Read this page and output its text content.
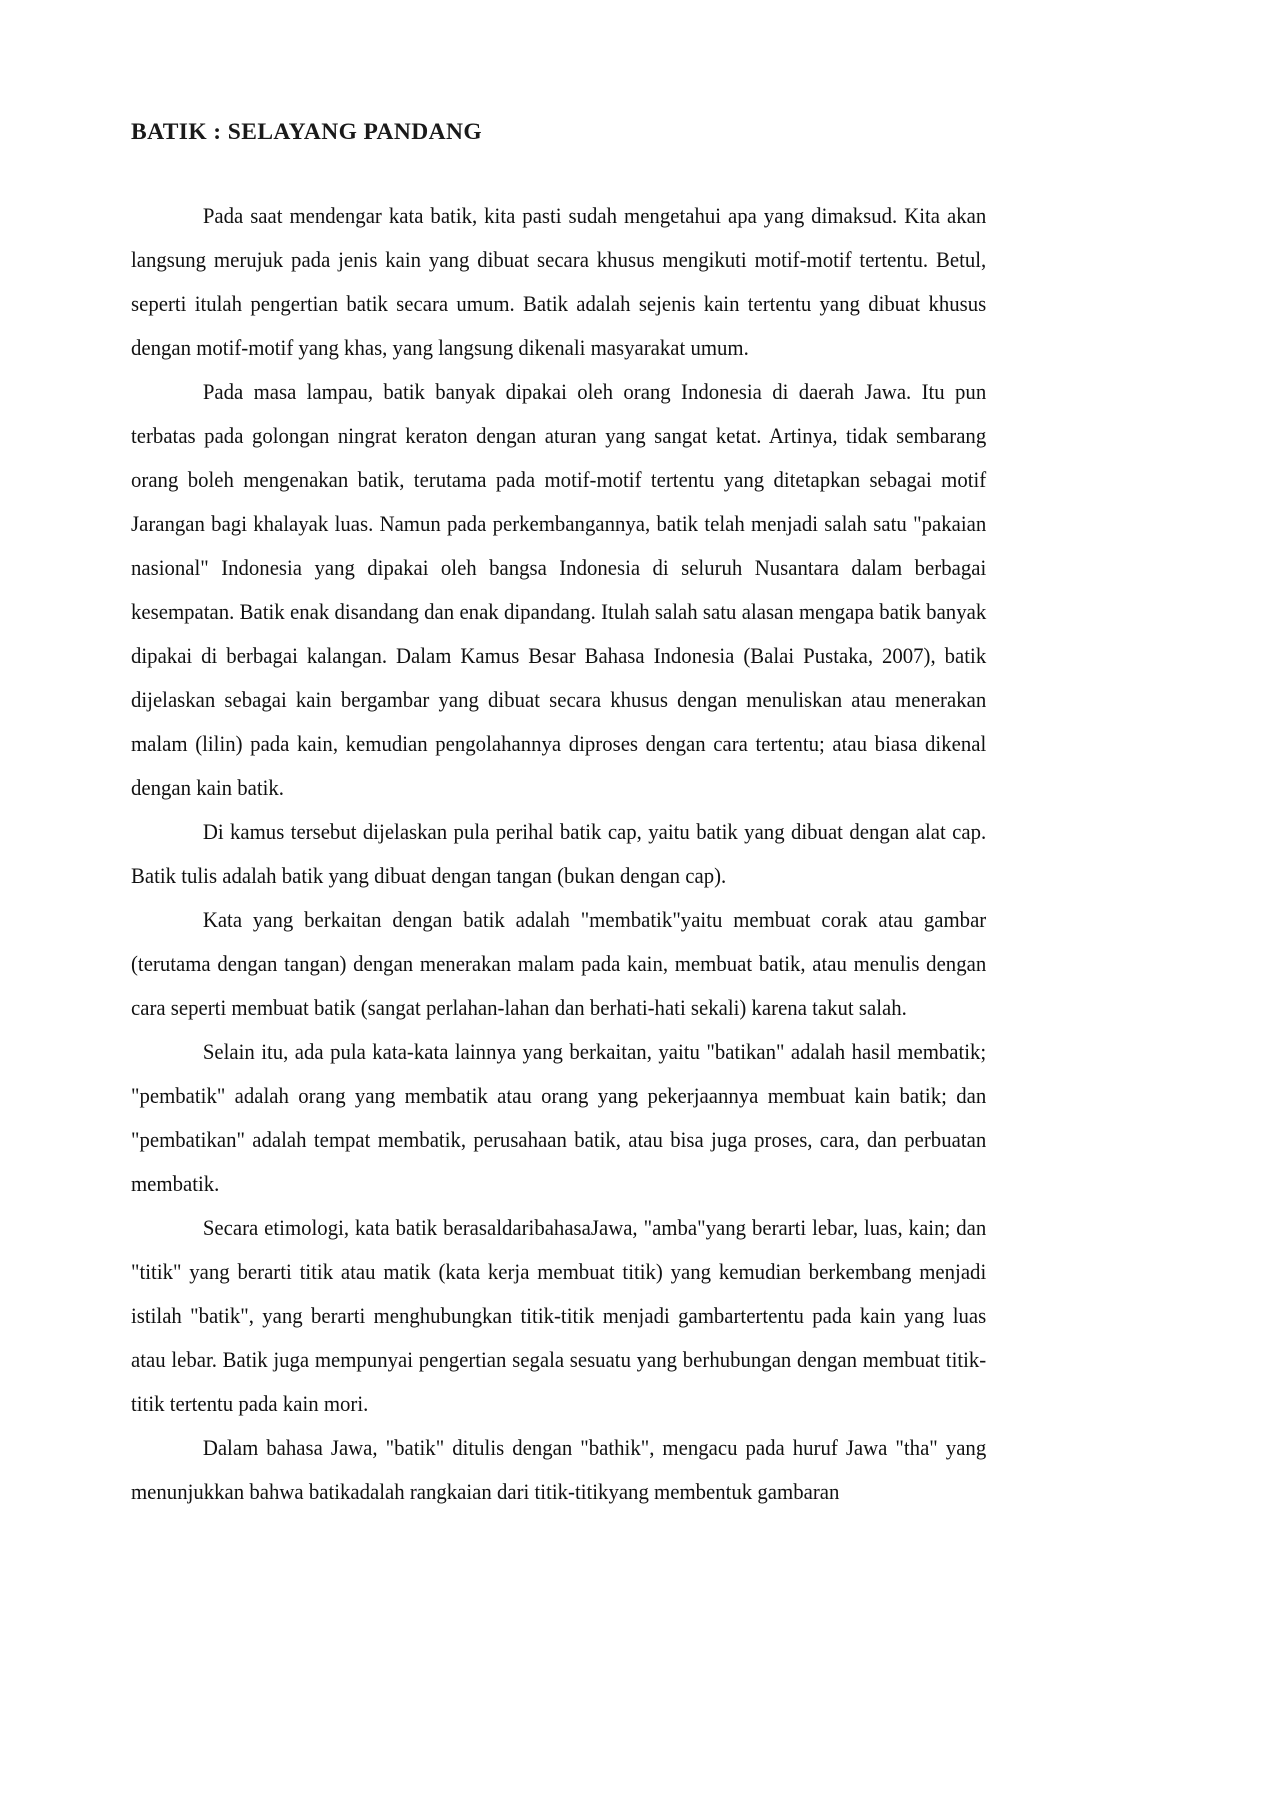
BATIK : SELAYANG PANDANG

Pada saat mendengar kata batik, kita pasti sudah mengetahui apa yang dimaksud. Kita akan langsung merujuk pada jenis kain yang dibuat secara khusus mengikuti motif-motif tertentu. Betul, seperti itulah pengertian batik secara umum. Batik adalah sejenis kain tertentu yang dibuat khusus dengan motif-motif yang khas, yang langsung dikenali masyarakat umum.

Pada masa lampau, batik banyak dipakai oleh orang Indonesia di daerah Jawa. Itu pun terbatas pada golongan ningrat keraton dengan aturan yang sangat ketat. Artinya, tidak sembarang orang boleh mengenakan batik, terutama pada motif-motif tertentu yang ditetapkan sebagai motif Jarangan bagi khalayak luas. Namun pada perkembangannya, batik telah menjadi salah satu "pakaian nasional" Indonesia yang dipakai oleh bangsa Indonesia di seluruh Nusantara dalam berbagai kesempatan. Batik enak disandang dan enak dipandang. Itulah salah satu alasan mengapa batik banyak dipakai di berbagai kalangan. Dalam Kamus Besar Bahasa Indonesia (Balai Pustaka, 2007), batik dijelaskan sebagai kain bergambar yang dibuat secara khusus dengan menuliskan atau menerakan malam (lilin) pada kain, kemudian pengolahannya diproses dengan cara tertentu; atau biasa dikenal dengan kain batik.

Di kamus tersebut dijelaskan pula perihal batik cap, yaitu batik yang dibuat dengan alat cap. Batik tulis adalah batik yang dibuat dengan tangan (bukan dengan cap).

Kata yang berkaitan dengan batik adalah "membatik"yaitu membuat corak atau gambar (terutama dengan tangan) dengan menerakan malam pada kain, membuat batik, atau menulis dengan cara seperti membuat batik (sangat perlahan-lahan dan berhati-hati sekali) karena takut salah.

Selain itu, ada pula kata-kata lainnya yang berkaitan, yaitu "batikan" adalah hasil membatik; "pembatik" adalah orang yang membatik atau orang yang pekerjaannya membuat kain batik; dan "pembatikan" adalah tempat membatik, perusahaan batik, atau bisa juga proses, cara, dan perbuatan membatik.

Secara etimologi, kata batik berasaldaribahasaJawa, "amba"yang berarti lebar, luas, kain; dan "titik" yang berarti titik atau matik (kata kerja membuat titik) yang kemudian berkembang menjadi istilah "batik", yang berarti menghubungkan titik-titik menjadi gambartertentu pada kain yang luas atau lebar. Batik juga mempunyai pengertian segala sesuatu yang berhubungan dengan membuat titik-titik tertentu pada kain mori.

Dalam bahasa Jawa, "batik" ditulis dengan "bathik", mengacu pada huruf Jawa "tha" yang menunjukkan bahwa batikadalah rangkaian dari titik-titikyang membentuk gambaran
